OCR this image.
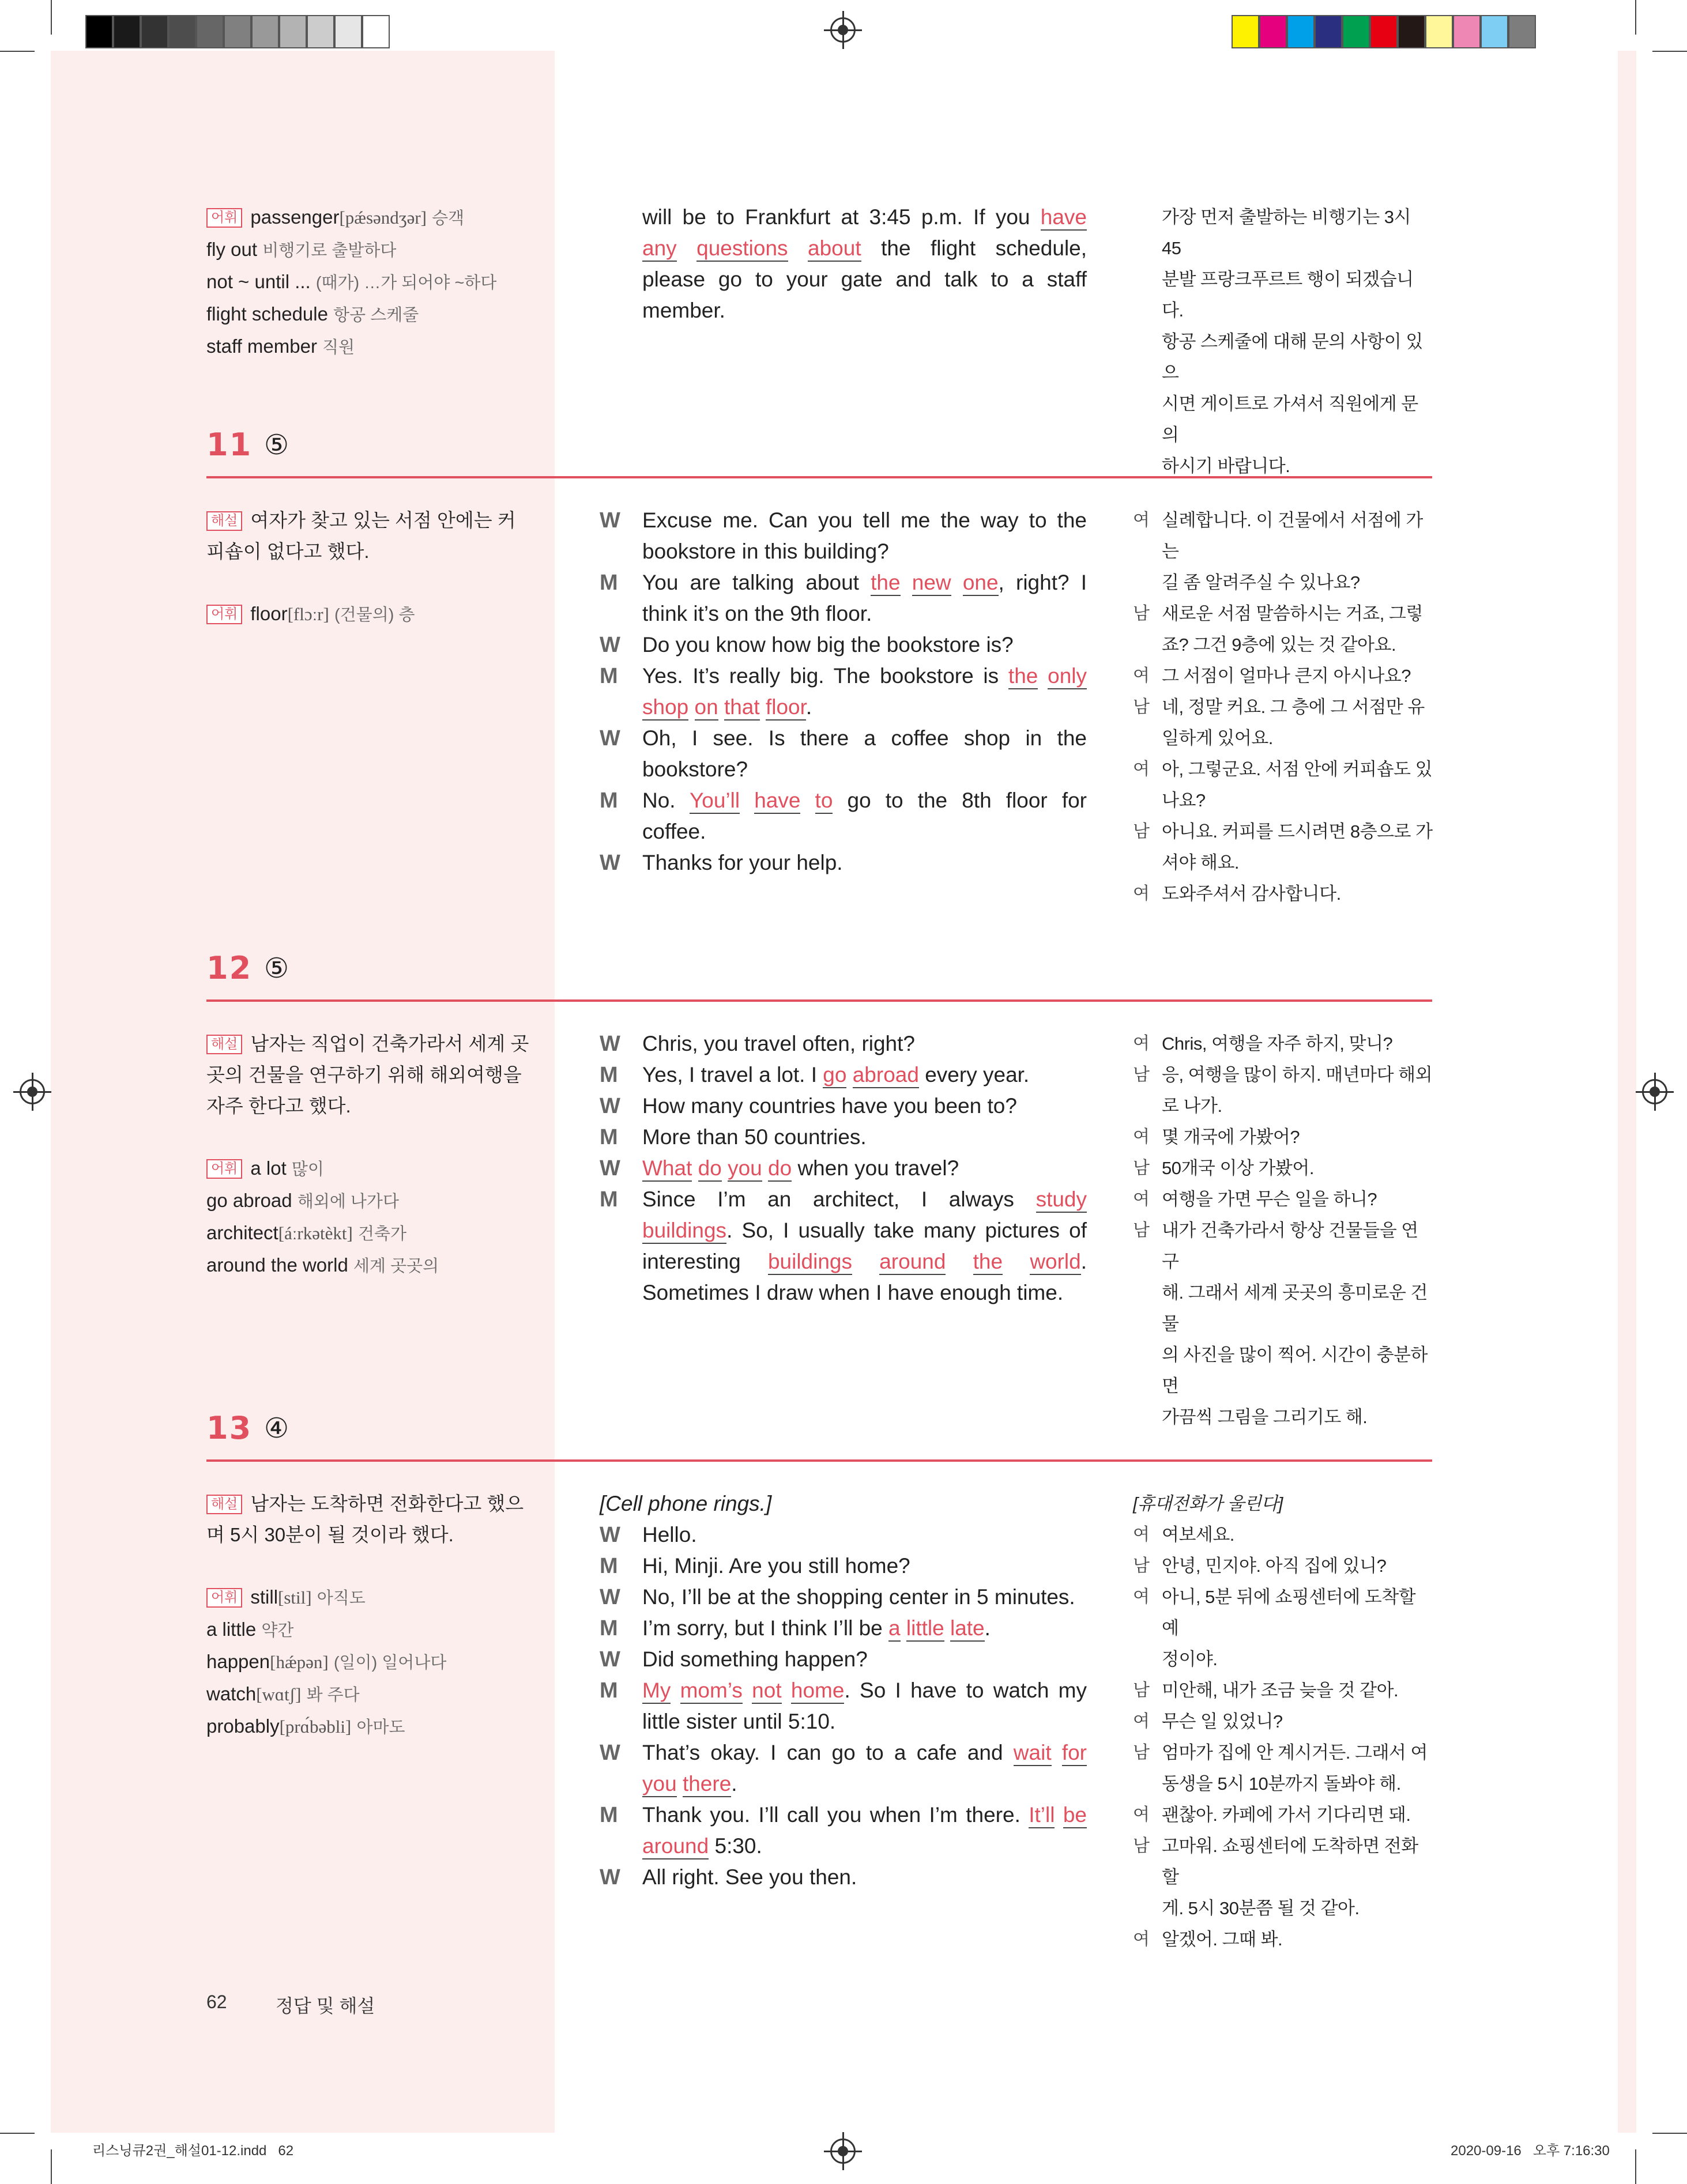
어휘 passenger[pǽsəndʒər] 승객
fly out 비행기로 출발하다
not ~ until ... (때가) …가 되어야 ~하다
flight schedule 항공 스케줄
staff member 직원
will be to Frankfurt at 3:45 p.m. If you have
any questions about the flight schedule,
please go to your gate and talk to a staff
member.
가장 먼저 출발하는 비행기는 3시 45
분발 프랑크푸르트 행이 되겠습니다.
항공 스케줄에 대해 문의 사항이 있으
시면 게이트로 가셔서 직원에게 문의
하시기 바랍니다.
11 ⑤
해설 여자가 찾고 있는 서점 안에는 커
피숍이 없다고 했다.
어휘 floor[flɔːr] (건물의) 층
W Excuse me. Can you tell me the way to the
bookstore in this building?
M You are talking about the new one, right? I
think it’s on the 9th floor.
W Do you know how big the bookstore is?
M Yes. It’s really big. The bookstore is the only
shop on that floor.
W Oh, I see. Is there a coffee shop in the
bookstore?
M No. You’ll have to go to the 8th floor for
coffee.
W Thanks for your help.
여 실례합니다. 이 건물에서 서점에 가는
길 좀 알려주실 수 있나요?
남 새로운 서점 말씀하시는 거죠, 그렇
죠? 그건 9층에 있는 것 같아요.
여 그 서점이 얼마나 큰지 아시나요?
남 네, 정말 커요. 그 층에 그 서점만 유
일하게 있어요.
여 아, 그렇군요. 서점 안에 커피숍도 있
나요?
남 아니요. 커피를 드시려면 8층으로 가
셔야 해요.
여 도와주셔서 감사합니다.
12 ⑤
해설 남자는 직업이 건축가라서 세계 곳
곳의 건물을 연구하기 위해 해외여행을
자주 한다고 했다.
어휘 a lot 많이
go abroad 해외에 나가다
architect[áːrkətèkt] 건축가
around the world 세계 곳곳의
W Chris, you travel often, right?
M Yes, I travel a lot. I go abroad every year.
W How many countries have you been to?
M More than 50 countries.
W What do you do when you travel?
M Since I’m an architect, I always study
buildings. So, I usually take many pictures of
interesting buildings around the world.
Sometimes I draw when I have enough time.
여 Chris, 여행을 자주 하지, 맞니?
남 응, 여행을 많이 하지. 매년마다 해외
로 나가.
여 몇 개국에 가봤어?
남 50개국 이상 가봤어.
여 여행을 가면 무슨 일을 하니?
남 내가 건축가라서 항상 건물들을 연구
해. 그래서 세계 곳곳의 흥미로운 건물
의 사진을 많이 찍어. 시간이 충분하면
가끔씩 그림을 그리기도 해.
13 ④
해설 남자는 도착하면 전화한다고 했으
며 5시 30분이 될 것이라 했다.
어휘 still[stil] 아직도
a little 약간
happen[hǽpən] (일이) 일어나다
watch[wɑtʃ] 봐 주다
probably[prɑ́bəbli] 아마도
[Cell phone rings.]
W Hello.
M Hi, Minji. Are you still home?
W No, I’ll be at the shopping center in 5 minutes.
M I’m sorry, but I think I’ll be a little late.
W Did something happen?
M My mom’s not home. So I have to watch my
little sister until 5:10.
W That’s okay. I can go to a cafe and wait for
you there.
M Thank you. I’ll call you when I’m there. It’ll be
around 5:30.
W All right. See you then.
[휴대전화가 울린다]
여 여보세요.
남 안녕, 민지야. 아직 집에 있니?
여 아니, 5분 뒤에 쇼핑센터에 도착할 예
정이야.
남 미안해, 내가 조금 늦을 것 같아.
여 무슨 일 있었니?
남 엄마가 집에 안 계시거든. 그래서 여
동생을 5시 10분까지 돌봐야 해.
여 괜찮아. 카페에 가서 기다리면 돼.
남 고마워. 쇼핑센터에 도착하면 전화할
게. 5시 30분쯤 될 것 같아.
여 알겠어. 그때 봐.
62	정답 및 해설
리스닝큐2권_해설01-12.indd   62	2020-09-16   오후 7:16:30
